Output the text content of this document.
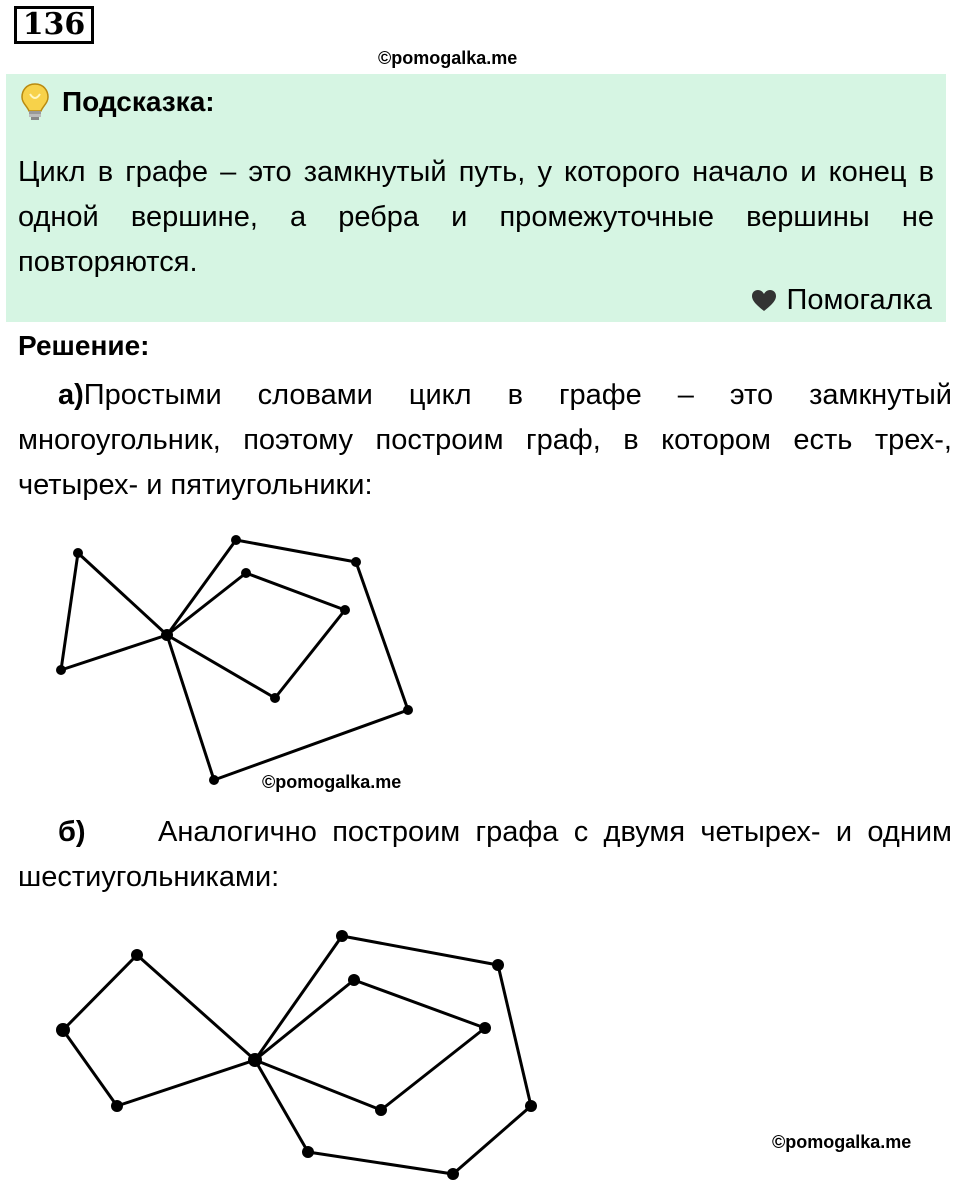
136
©pomogalka.me
Подсказка:
Цикл в графе – это замкнутый путь, у которого начало и конец в одной вершине, а ребра и промежуточные вершины не повторяются.
Помогалка
Решение:
а)Простыми словами цикл в графе – это замкнутый многоугольник, поэтому построим граф, в котором есть трех-, четырех- и пятиугольники:
©pomogalka.me
б) Аналогично построим графа с двумя четырех- и одним шестиугольниками:
©pomogalka.me
